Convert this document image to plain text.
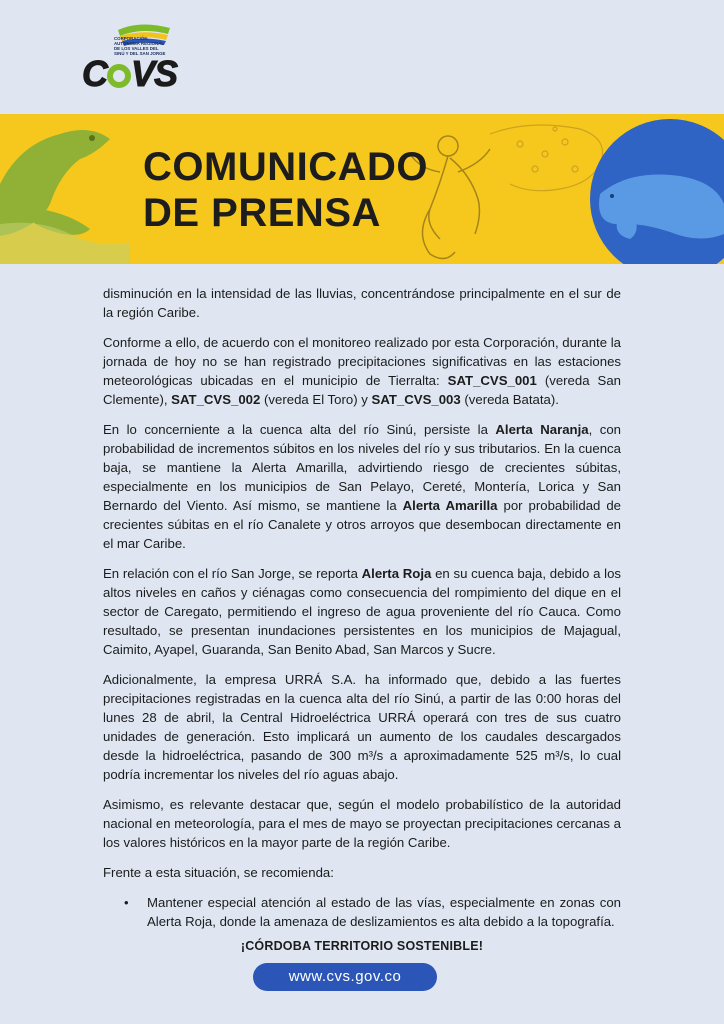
CORPORACIÓN
AUTÓNOMA REGIONAL
DE LOS VALLES DEL
SINÚ Y DEL SAN JORGE
C VS
COMUNICADO
DE PRENSA

disminución en la intensidad de las lluvias, concentrándose principalmente en el sur de la región Caribe.

Conforme a ello, de acuerdo con el monitoreo realizado por esta Corporación, durante la jornada de hoy no se han registrado precipitaciones significativas en las estaciones meteorológicas ubicadas en el municipio de Tierralta: SAT_CVS_001 (vereda San Clemente), SAT_CVS_002 (vereda El Toro) y SAT_CVS_003 (vereda Batata).

En lo concerniente a la cuenca alta del río Sinú, persiste la Alerta Naranja, con probabilidad de incrementos súbitos en los niveles del río y sus tributarios. En la cuenca baja, se mantiene la Alerta Amarilla, advirtiendo riesgo de crecientes súbitas, especialmente en los municipios de San Pelayo, Cereté, Montería, Lorica y San Bernardo del Viento. Así mismo, se mantiene la Alerta Amarilla por probabilidad de crecientes súbitas en el río Canalete y otros arroyos que desembocan directamente en el mar Caribe.

En relación con el río San Jorge, se reporta Alerta Roja en su cuenca baja, debido a los altos niveles en caños y ciénagas como consecuencia del rompimiento del dique en el sector de Caregato, permitiendo el ingreso de agua proveniente del río Cauca. Como resultado, se presentan inundaciones persistentes en los municipios de Majagual, Caimito, Ayapel, Guaranda, San Benito Abad, San Marcos y Sucre.

Adicionalmente, la empresa URRÁ S.A. ha informado que, debido a las fuertes precipitaciones registradas en la cuenca alta del río Sinú, a partir de las 0:00 horas del lunes 28 de abril, la Central Hidroeléctrica URRÁ operará con tres de sus cuatro unidades de generación. Esto implicará un aumento de los caudales descargados desde la hidroeléctrica, pasando de 300 m³/s a aproximadamente 525 m³/s, lo cual podría incrementar los niveles del río aguas abajo.

Asimismo, es relevante destacar que, según el modelo probabilístico de la autoridad nacional en meteorología, para el mes de mayo se proyectan precipitaciones cercanas a los valores históricos en la mayor parte de la región Caribe.

Frente a esta situación, se recomienda:

• Mantener especial atención al estado de las vías, especialmente en zonas con Alerta Roja, donde la amenaza de deslizamientos es alta debido a la topografía.
¡CÓRDOBA TERRITORIO SOSTENIBLE!
www.cvs.gov.co
